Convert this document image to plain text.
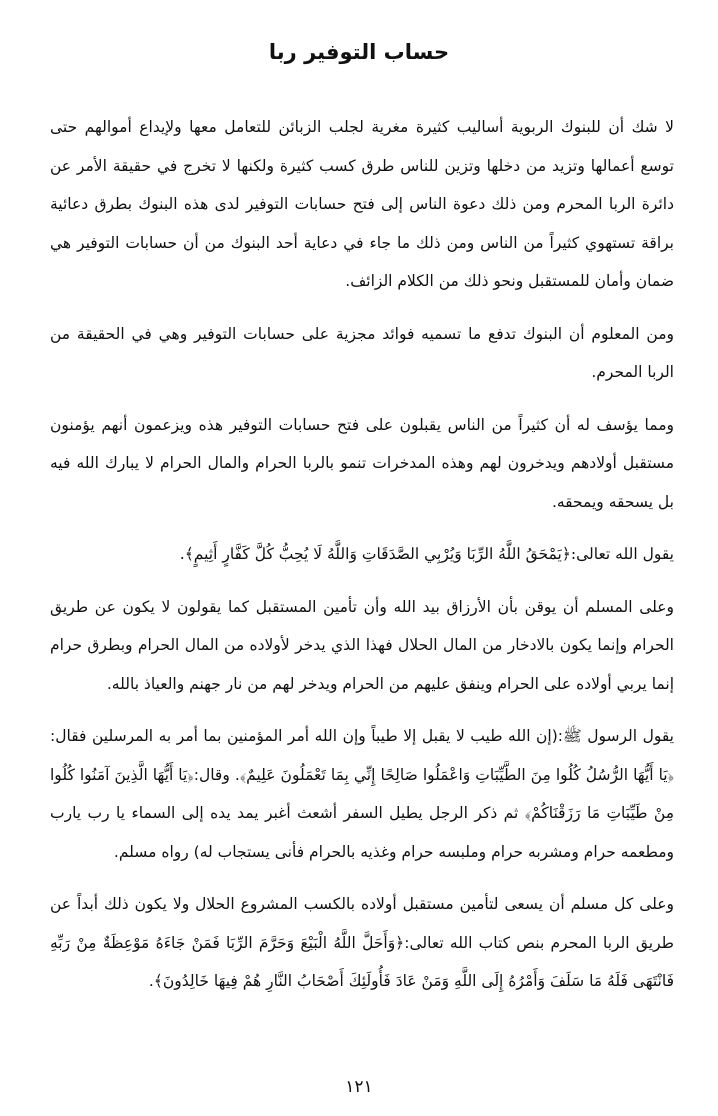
حساب التوفير ربا

لا شك أن للبنوك الربوية أساليب كثيرة مغرية لجلب الزبائن للتعامل معها ولإيداع أموالهم حتى توسع أعمالها وتزيد من دخلها وتزين للناس طرق كسب كثيرة ولكنها لا تخرج في حقيقة الأمر عن دائرة الربا المحرم ومن ذلك دعوة الناس إلى فتح حسابات التوفير لدى هذه البنوك بطرق دعائية براقة تستهوي كثيراً من الناس ومن ذلك ما جاء في دعاية أحد البنوك من أن حسابات التوفير هي ضمان وأمان للمستقبل ونحو ذلك من الكلام الزائف.

ومن المعلوم أن البنوك تدفع ما تسميه فوائد مجزية على حسابات التوفير وهي في الحقيقة من الربا المحرم.

ومما يؤسف له أن كثيراً من الناس يقبلون على فتح حسابات التوفير هذه ويزعمون أنهم يؤمنون مستقبل أولادهم ويدخرون لهم وهذه المدخرات تنمو بالربا الحرام والمال الحرام لا يبارك الله فيه بل يسحقه ويمحقه.

يقول الله تعالى:﴿يَمْحَقُ اللَّهُ الرِّبَا وَيُرْبِي الصَّدَقَاتِ وَاللَّهُ لَا يُحِبُّ كُلَّ كَفَّارٍ أَثِيمٍ﴾.

وعلى المسلم أن يوقن بأن الأرزاق بيد الله وأن تأمين المستقبل كما يقولون لا يكون عن طريق الحرام وإنما يكون بالادخار من المال الحلال فهذا الذي يدخر لأولاده من المال الحرام وبطرق حرام إنما يربي أولاده على الحرام وينفق عليهم من الحرام ويدخر لهم من نار جهنم والعياذ بالله.

يقول الرسول ﷺ:(إن الله طيب لا يقبل إلا طيباً وإن الله أمر المؤمنين بما أمر به المرسلين فقال:﴿يَا أَيُّهَا الرُّسُلُ كُلُوا مِنَ الطَّيِّبَاتِ وَاعْمَلُوا صَالِحًا إِنِّي بِمَا تَعْمَلُونَ عَلِيمٌ﴾. وقال:﴿يَا أَيُّهَا الَّذِينَ آمَنُوا كُلُوا مِنْ طَيِّبَاتِ مَا رَزَقْنَاكُمْ﴾ ثم ذكر الرجل يطيل السفر أشعث أغبر يمد يده إلى السماء يا رب يارب ومطعمه حرام ومشربه حرام وملبسه حرام وغذيه بالحرام فأنى يستجاب له) رواه مسلم.

وعلى كل مسلم أن يسعى لتأمين مستقبل أولاده بالكسب المشروع الحلال ولا يكون ذلك أبداً عن طريق الربا المحرم بنص كتاب الله تعالى:﴿وَأَحَلَّ اللَّهُ الْبَيْعَ وَحَرَّمَ الرِّبَا فَمَنْ جَاءَهُ مَوْعِظَةٌ مِنْ رَبِّهِ فَانْتَهَى فَلَهُ مَا سَلَفَ وَأَمْرُهُ إِلَى اللَّهِ وَمَنْ عَادَ فَأُولَئِكَ أَصْحَابُ النَّارِ هُمْ فِيهَا خَالِدُونَ﴾.

١٢١
